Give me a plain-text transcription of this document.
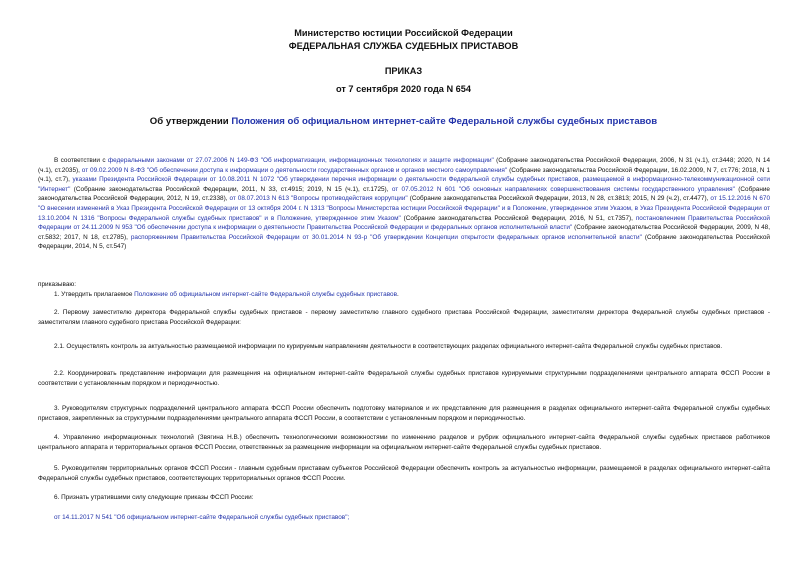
Министерство юстиции Российской Федерации
ФЕДЕРАЛЬНАЯ СЛУЖБА СУДЕБНЫХ ПРИСТАВОВ
ПРИКАЗ
от 7 сентября 2020 года N 654
Об утверждении Положения об официальном интернет-сайте Федеральной службы судебных приставов
В соответствии с федеральными законами от 27.07.2006 N 149-ФЗ "Об информатизации, информационных технологиях и защите информации" (Собрание законодательства Российской Федерации, 2006, N 31 (ч.1), ст.3448; 2020, N 14 (ч.1), ст.2035), от 09.02.2009 N 8-ФЗ "Об обеспечении доступа к информации о деятельности государственных органов и органов местного самоуправления" (Собрание законодательства Российской Федерации, 16.02.2009, N 7, ст.776; 2018, N 1 (ч.1), ст.7), указами Президента Российской Федерации от 10.08.2011 N 1072 "Об утверждении перечня информации о деятельности Федеральной службы судебных приставов, размещаемой в информационно-телекоммуникационной сети "Интернет" (Собрание законодательства Российской Федерации, 2011, N 33, ст.4915; 2019, N 15 (ч.1), ст.1725), от 07.05.2012 N 601 "Об основных направлениях совершенствования системы государственного управления" (Собрание законодательства Российской Федерации, 2012, N 19, ст.2338), от 08.07.2013 N 613 "Вопросы противодействия коррупции" (Собрание законодательства Российской Федерации, 2013, N 28, ст.3813; 2015, N 29 (ч.2), ст.4477), от 15.12.2016 N 670 "О внесении изменений в Указ Президента Российской Федерации от 13 октября 2004 г. N 1313 "Вопросы Министерства юстиции Российской Федерации" и в Положение, утвержденное этим Указом, в Указ Президента Российской Федерации от 13.10.2004 N 1316 "Вопросы Федеральной службы судебных приставов" и в Положение, утвержденное этим Указом" (Собрание законодательства Российской Федерации, 2016, N 51, ст.7357), постановлением Правительства Российской Федерации от 24.11.2009 N 953 "Об обеспечении доступа к информации о деятельности Правительства Российской Федерации и федеральных органов исполнительной власти" (Собрание законодательства Российской Федерации, 2009, N 48, ст.5832; 2017, N 18, ст.2785), распоряжением Правительства Российской Федерации от 30.01.2014 N 93-р "Об утверждении Концепции открытости федеральных органов исполнительной власти" (Собрание законодательства Российской Федерации, 2014, N 5, ст.547)
приказываю:
1. Утвердить прилагаемое Положение об официальном интернет-сайте Федеральной службы судебных приставов.
2. Первому заместителю директора Федеральной службы судебных приставов - первому заместителю главного судебного пристава Российской Федерации, заместителям директора Федеральной службы судебных приставов - заместителям главного судебного пристава Российской Федерации:
2.1. Осуществлять контроль за актуальностью размещаемой информации по курируемым направлениям деятельности в соответствующих разделах официального интернет-сайта Федеральной службы судебных приставов.
2.2. Координировать представление информации для размещения на официальном интернет-сайте Федеральной службы судебных приставов курируемыми структурными подразделениями центрального аппарата ФССП России в соответствии с установленным порядком и периодичностью.
3. Руководителям структурных подразделений центрального аппарата ФССП России обеспечить подготовку материалов и их представление для размещения в разделах официального интернет-сайта Федеральной службы судебных приставов, закрепленных за структурными подразделениями центрального аппарата ФССП России, в соответствии с установленным порядком и периодичностью.
4. Управлению информационных технологий (Звягина Н.В.) обеспечить технологическими возможностями по изменению разделов и рубрик официального интернет-сайта Федеральной службы судебных приставов работников центрального аппарата и территориальных органов ФССП России, ответственных за размещение информации на официальном интернет-сайте Федеральной службы судебных приставов.
5. Руководителям территориальных органов ФССП России - главным судебным приставам субъектов Российской Федерации обеспечить контроль за актуальностью информации, размещаемой в разделах официального интернет-сайта Федеральной службы судебных приставов, соответствующих территориальных органов ФССП России.
6. Признать утратившими силу следующие приказы ФССП России:
от 14.11.2017 N 541 "Об официальном интернет-сайте Федеральной службы судебных приставов";
